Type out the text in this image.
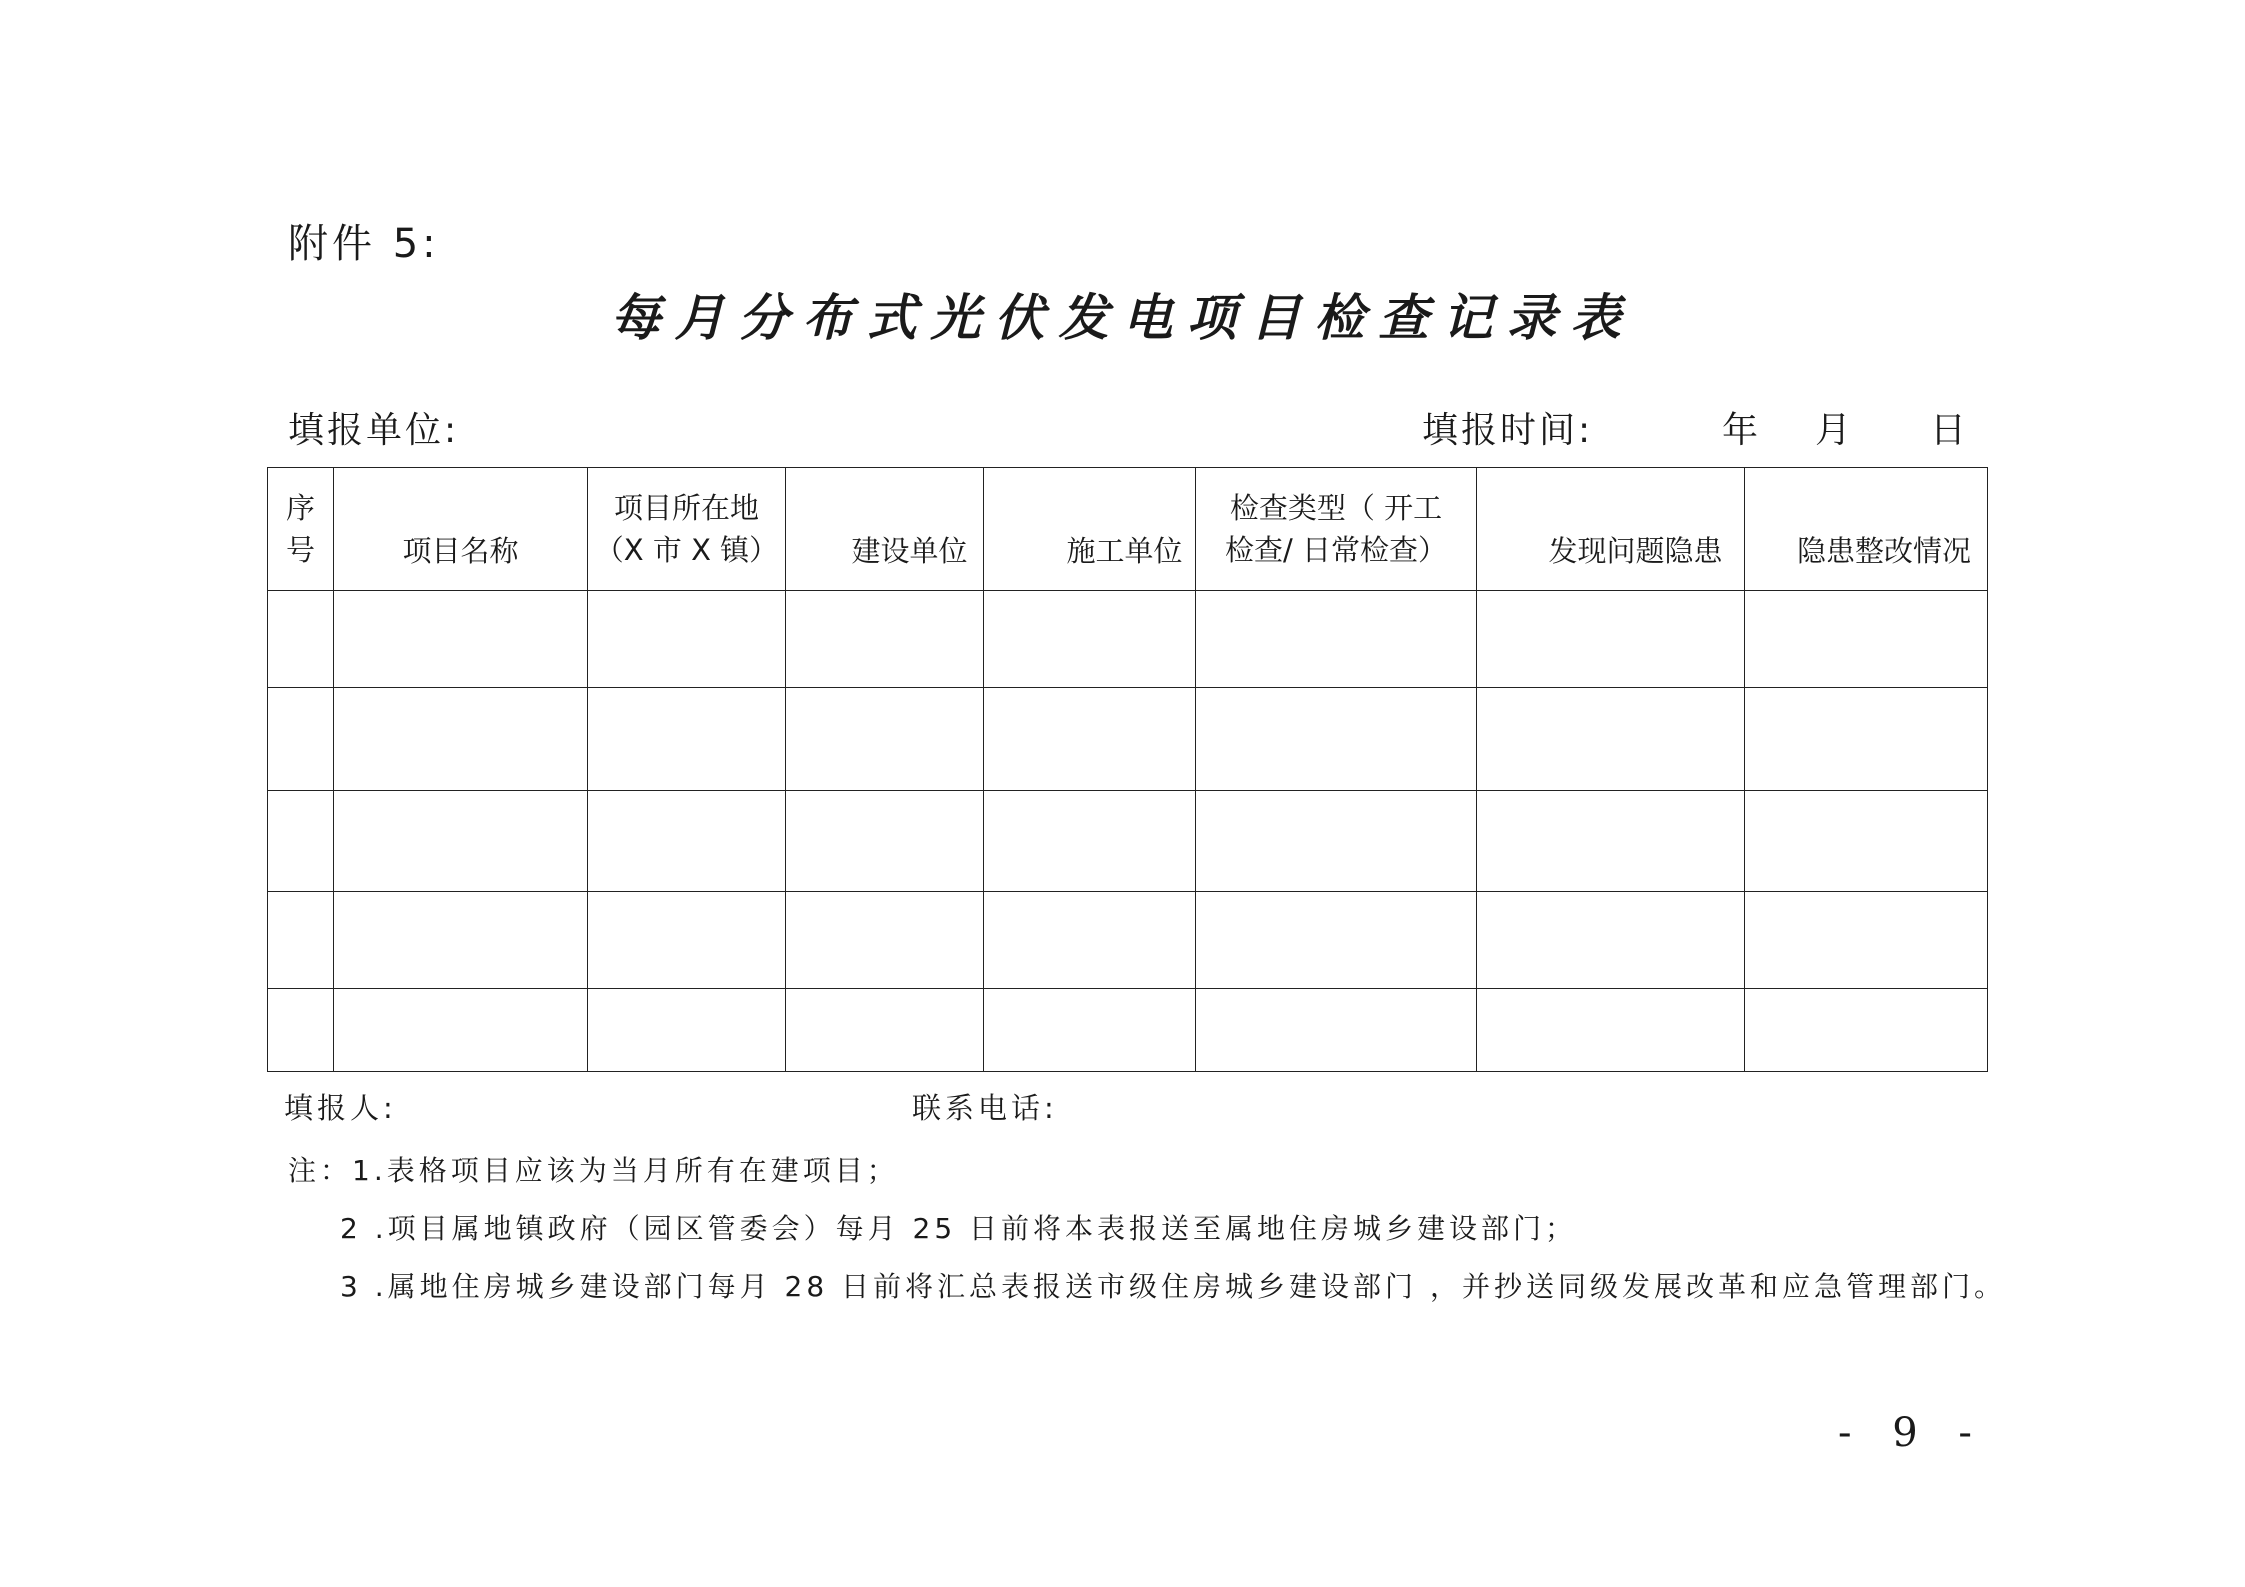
附件 5:
每月分布式光伏发电项目检查记录表
填报单位:	填报时间:	年 月 日
序号	项目名称	项目所在地（X 市 X 镇）	建设单位	施工单位	检查类型（ 开工检查/ 日常检查）	发现问题隐患	隐患整改情况

填报人:	联系电话:
注：1.表格项目应该为当月所有在建项目；
2 .项目属地镇政府（园区管委会）每月 25 日前将本表报送至属地住房城乡建设部门；
3 .属地住房城乡建设部门每月 28 日前将汇总表报送市级住房城乡建设部门 ，并抄送同级发展改革和应急管理部门。
- 9 -
